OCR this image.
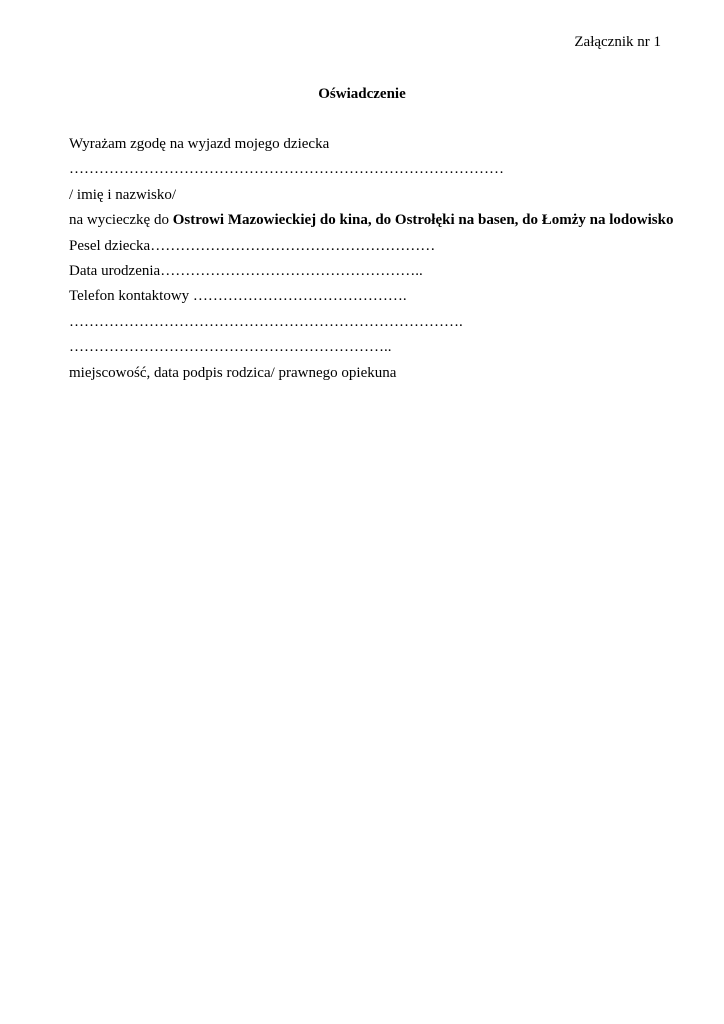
Załącznik nr 1
Oświadczenie
Wyrażam zgodę na wyjazd mojego dziecka
……………………………………………………………………………
/ imię i nazwisko/
na wycieczkę do Ostrowi Mazowieckiej do kina, do Ostrołęki na basen, do Łomży na lodowisko
Pesel dziecka…………………………………………………
Data urodzenia……………………………………………..
Telefon kontaktowy …………………………………….
…………………………………………………………………….
………………………………………………………..
miejscowość, data podpis rodzica/ prawnego opiekuna
